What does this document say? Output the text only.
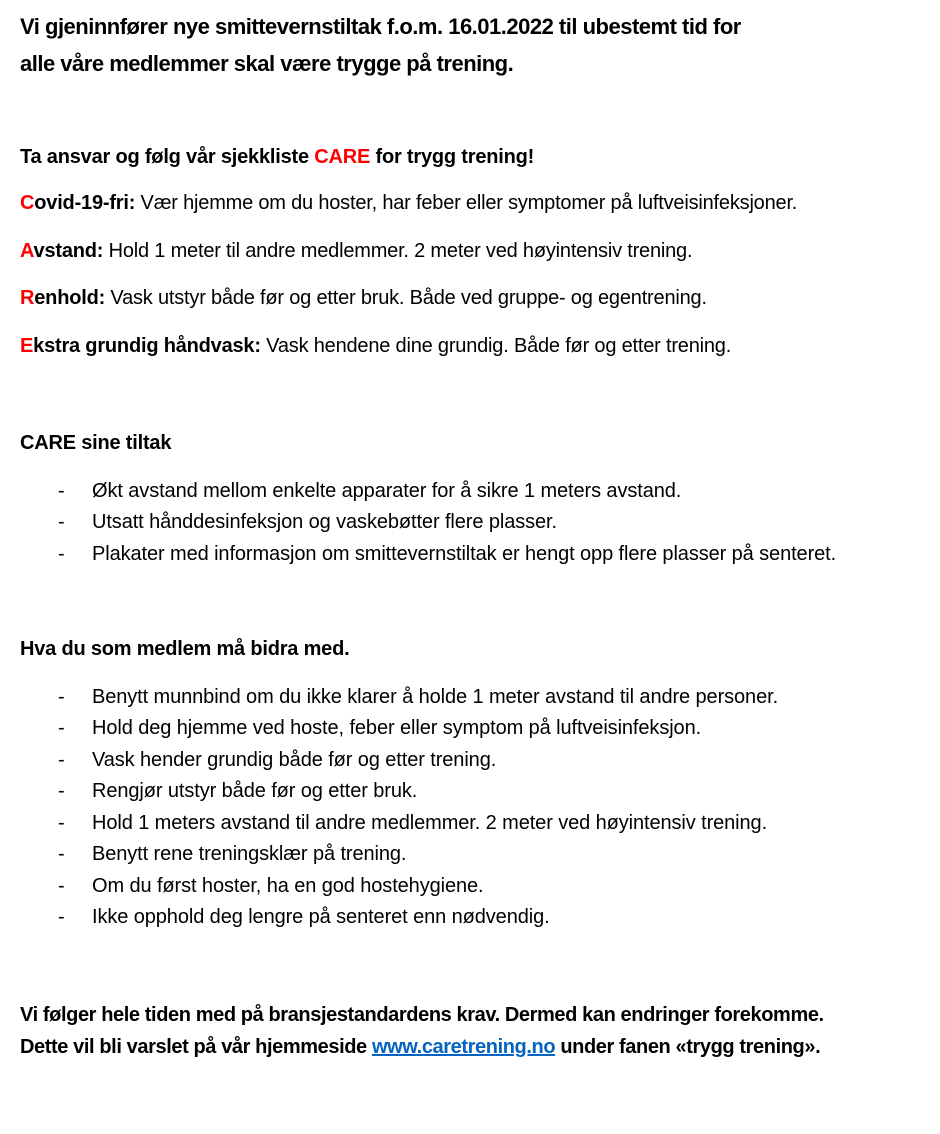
Vi gjeninnfører nye smittevernstiltak f.o.m. 16.01.2022 til ubestemt tid for
alle våre medlemmer skal være trygge på trening.
Ta ansvar og følg vår sjekkliste CARE for trygg trening!
Covid-19-fri: Vær hjemme om du hoster, har feber eller symptomer på luftveisinfeksjoner.
Avstand: Hold 1 meter til andre medlemmer. 2 meter ved høyintensiv trening.
Renhold: Vask utstyr både før og etter bruk. Både ved gruppe- og egentrening.
Ekstra grundig håndvask: Vask hendene dine grundig. Både før og etter trening.
CARE sine tiltak
-	Økt avstand mellom enkelte apparater for å sikre 1 meters avstand.
-	Utsatt hånddesinfeksjon og vaskebøtter flere plasser.
-	Plakater med informasjon om smittevernstiltak er hengt opp flere plasser på senteret.
Hva du som medlem må bidra med.
-	Benytt munnbind om du ikke klarer å holde 1 meter avstand til andre personer.
-	Hold deg hjemme ved hoste, feber eller symptom på luftveisinfeksjon.
-	Vask hender grundig både før og etter trening.
-	Rengjør utstyr både før og etter bruk.
-	Hold 1 meters avstand til andre medlemmer. 2 meter ved høyintensiv trening.
-	Benytt rene treningsklær på trening.
-	Om du først hoster, ha en god hostehygiene.
-	Ikke opphold deg lengre på senteret enn nødvendig.
Vi følger hele tiden med på bransjestandardens krav. Dermed kan endringer forekomme.
Dette vil bli varslet på vår hjemmeside www.caretrening.no under fanen «trygg trening».
